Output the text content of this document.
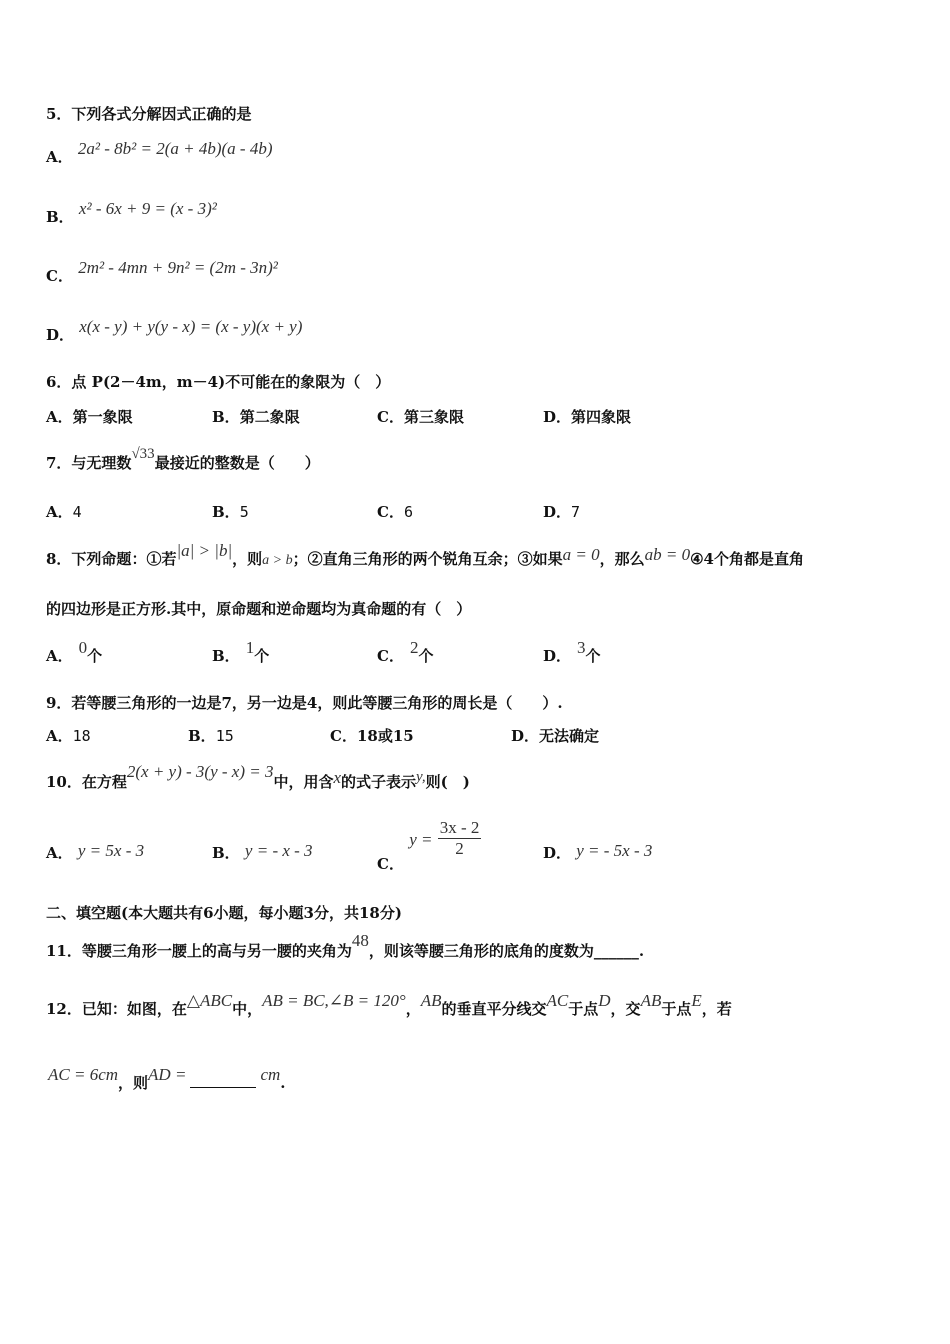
5．下列各式分解因式正确的是
A． 2a² - 8b² = 2(a + 4b)(a - 4b)
B． x² - 6x + 9 = (x - 3)²
C． 2m² - 4mn + 9n² = (2m - 3n)²
D． x(x - y) + y(y - x) = (x - y)(x + y)
6．点 P(2－4m，m－4)不可能在的象限为（　）
A．第一象限	B．第二象限	C．第三象限	D．第四象限
7．与无理数√33最接近的整数是（　　）
A．4	B．5	C．6	D．7
8．下列命题：①若|a| > |b|，则a > b；②直角三角形的两个锐角互余；③如果a = 0，那么ab = 0④4个角都是直角
的四边形是正方形.其中，原命题和逆命题均为真命题的有（　）
A． 0个	B． 1个	C． 2个	D． 3个
9．若等腰三角形的一边是7，另一边是4，则此等腰三角形的周长是（　　）.
A．18	B．15	C．18或15	D．无法确定
10．在方程2(x + y) - 3(y - x) = 3中，用含x的式子表示y,则(　)
A． y = 5x - 3	B． y = - x - 3
C． $y = \frac{3x - 2}{2}$	D． y = - 5x - 3
二、填空题(本大题共有6小题，每小题3分，共18分)
11．等腰三角形一腰上的高与另一腰的夹角为48，则该等腰三角形的底角的度数为______.
12．已知：如图，在△ABC中，AB = BC,∠B = 120°，AB的垂直平分线交AC于点D，交AB于点E，若
AC = 6cm，则AD =	cm.
